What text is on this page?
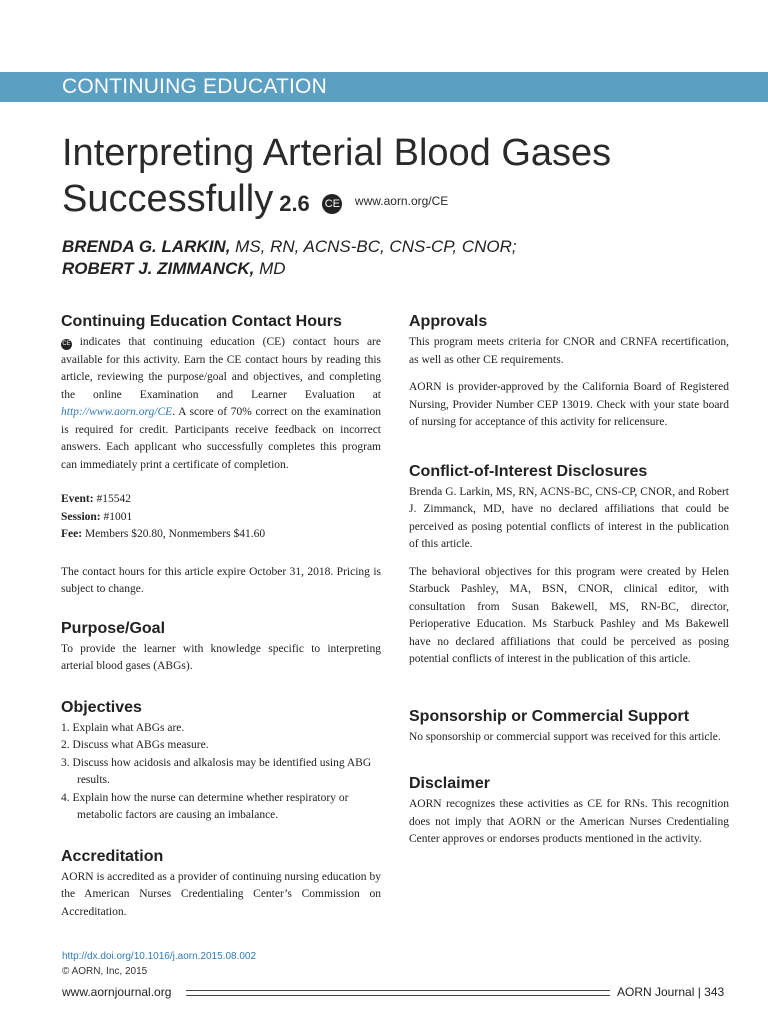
CONTINUING EDUCATION
Interpreting Arterial Blood Gases
Successfully 2.6 CE www.aorn.org/CE
BRENDA G. LARKIN, MS, RN, ACNS-BC, CNS-CP, CNOR;
ROBERT J. ZIMMANCK, MD
Continuing Education Contact Hours

CE indicates that continuing education (CE) contact hours are available for this activity. Earn the CE contact hours by reading this article, reviewing the purpose/goal and objectives, and completing the online Examination and Learner Evaluation at http://www.aorn.org/CE. A score of 70% correct on the examination is required for credit. Participants receive feedback on incorrect answers. Each applicant who successfully completes this program can immediately print a certificate of completion.

Event: #15542
Session: #1001
Fee: Members $20.80, Nonmembers $41.60

The contact hours for this article expire October 31, 2018. Pricing is subject to change.

Purpose/Goal

To provide the learner with knowledge specific to interpreting arterial blood gases (ABGs).

Objectives
1. Explain what ABGs are.
2. Discuss what ABGs measure.
3. Discuss how acidosis and alkalosis may be identified using ABG results.
4. Explain how the nurse can determine whether respiratory or metabolic factors are causing an imbalance.
Accreditation

AORN is accredited as a provider of continuing nursing education by the American Nurses Credentialing Center’s Commission on Accreditation.

Approvals

This program meets criteria for CNOR and CRNFA recertification, as well as other CE requirements.

AORN is provider-approved by the California Board of Registered Nursing, Provider Number CEP 13019. Check with your state board of nursing for acceptance of this activity for relicensure.

Conflict-of-Interest Disclosures

Brenda G. Larkin, MS, RN, ACNS-BC, CNS-CP, CNOR, and Robert J. Zimmanck, MD, have no declared affiliations that could be perceived as posing potential conflicts of interest in the publication of this article.

The behavioral objectives for this program were created by Helen Starbuck Pashley, MA, BSN, CNOR, clinical editor, with consultation from Susan Bakewell, MS, RN-BC, director, Perioperative Education. Ms Starbuck Pashley and Ms Bakewell have no declared affiliations that could be perceived as posing potential conflicts of interest in the publication of this article.

Sponsorship or Commercial Support

No sponsorship or commercial support was received for this article.

Disclaimer

AORN recognizes these activities as CE for RNs. This recognition does not imply that AORN or the American Nurses Credentialing Center approves or endorses products mentioned in the activity.

http://dx.doi.org/10.1016/j.aorn.2015.08.002
© AORN, Inc, 2015
www.aornjournal.org	AORN Journal | 343
